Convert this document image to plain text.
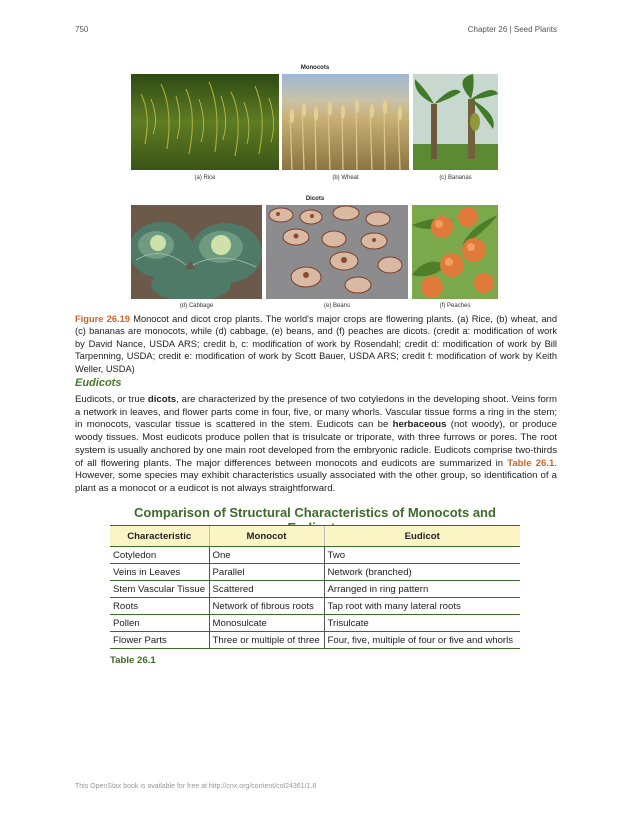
750	Chapter 26 | Seed Plants
Monocots
(a) Rice	(b) Wheat	(c) Bananas
Dicots
(d) Cabbage	(e) Beans	(f) Peaches
Figure 26.19 Monocot and dicot crop plants. The world's major crops are flowering plants. (a) Rice, (b) wheat, and (c) bananas are monocots, while (d) cabbage, (e) beans, and (f) peaches are dicots. (credit a: modification of work by David Nance, USDA ARS; credit b, c: modification of work by Rosendahl; credit d: modification of work by Bill Tarpenning, USDA; credit e: modification of work by Scott Bauer, USDA ARS; credit f: modification of work by Keith Weller, USDA)
Eudicots
Eudicots, or true dicots, are characterized by the presence of two cotyledons in the developing shoot. Veins form a network in leaves, and flower parts come in four, five, or many whorls. Vascular tissue forms a ring in the stem; in monocots, vascular tissue is scattered in the stem. Eudicots can be herbaceous (not woody), or produce woody tissues. Most eudicots produce pollen that is trisulcate or triporate, with three furrows or pores. The root system is usually anchored by one main root developed from the embryonic radicle. Eudicots comprise two-thirds of all flowering plants. The major differences between monocots and eudicots are summarized in Table 26.1. However, some species may exhibit characteristics usually associated with the other group, so identification of a plant as a monocot or a eudicot is not always straightforward.
Comparison of Structural Characteristics of Monocots and
Characteristic	Monocot	Eudicot
Cotyledon	One	Two
Veins in Leaves	Parallel	Network (branched)
Stem Vascular Tissue	Scattered	Arranged in ring pattern
Roots	Network of fibrous roots	Tap root with many lateral roots
Pollen	Monosulcate	Trisulcate
Flower Parts	Three or multiple of three	Four, five, multiple of four or five and whorls
Table 26.1
This OpenStax book is available for free at http://cnx.org/content/col24361/1.8
